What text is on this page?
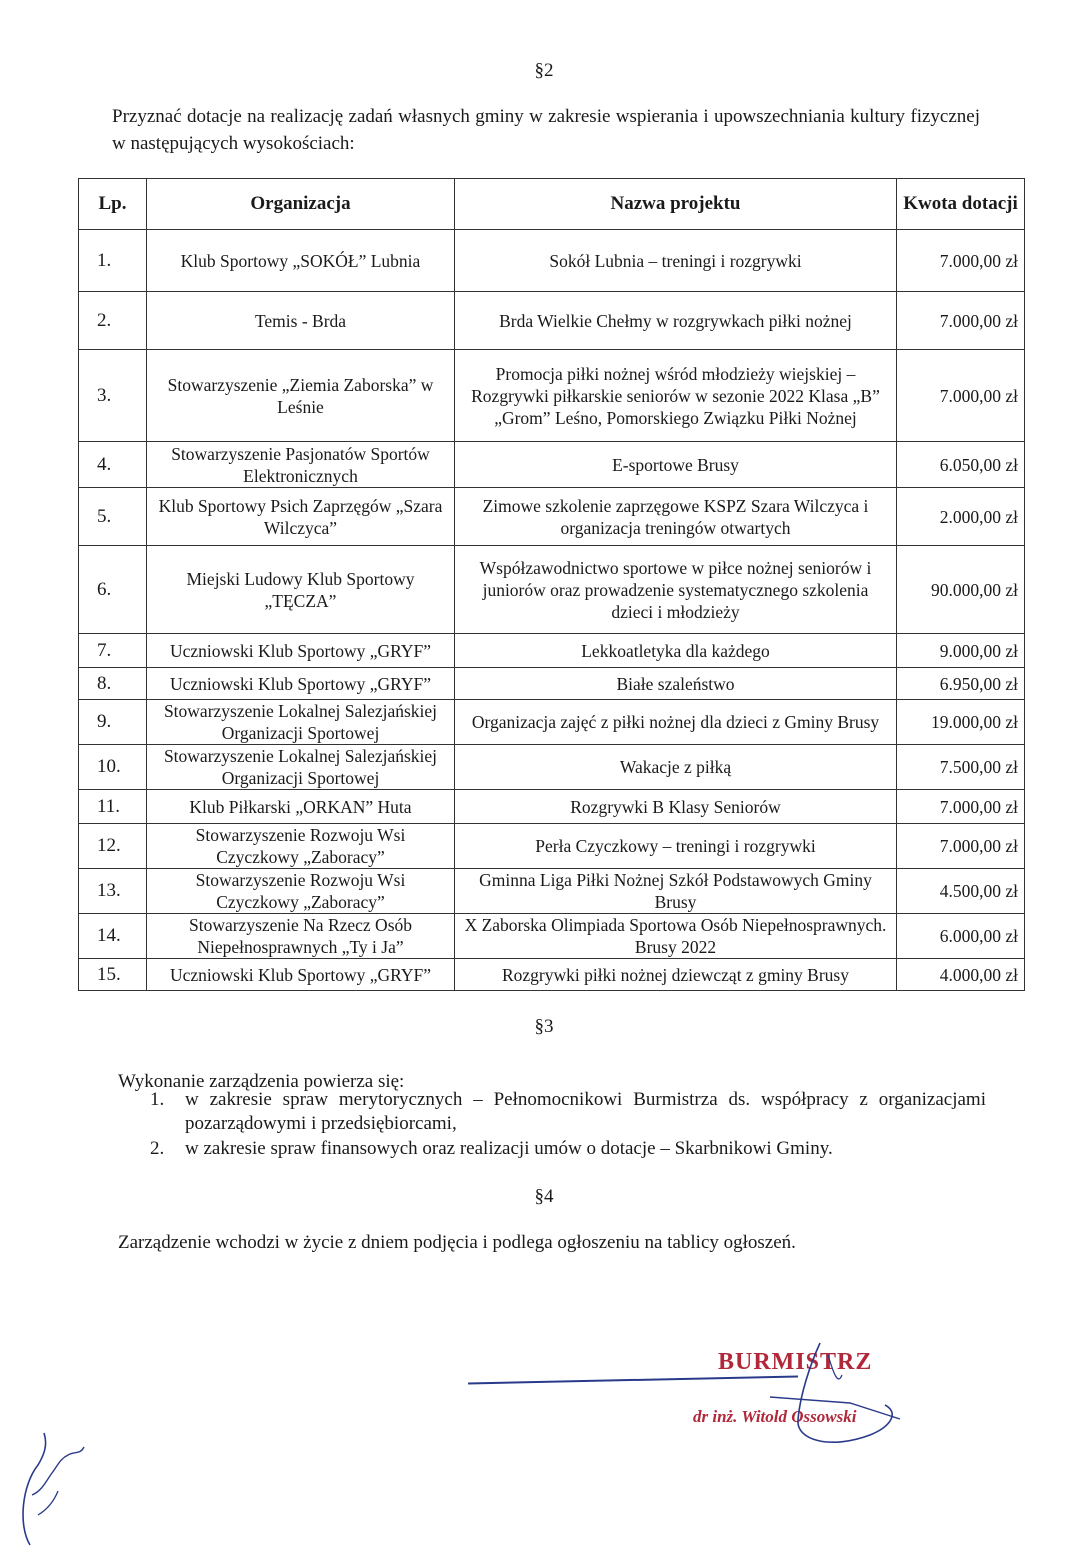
§2

Przyznać dotacje na realizację zadań własnych gminy w zakresie wspierania i upowszechniania kultury fizycznej w następujących wysokościach:

Lp.	Organizacja	Nazwa projektu	Kwota dotacji
1.	Klub Sportowy „SOKÓŁ” Lubnia	Sokół Lubnia – treningi i rozgrywki	7.000,00 zł
2.	Temis - Brda	Brda Wielkie Chełmy w rozgrywkach piłki nożnej	7.000,00 zł
3.	Stowarzyszenie „Ziemia Zaborska” w Leśnie	Promocja piłki nożnej wśród młodzieży wiejskiej – Rozgrywki piłkarskie seniorów w sezonie 2022 Klasa „B” „Grom” Leśno, Pomorskiego Związku Piłki Nożnej	7.000,00 zł
4.	Stowarzyszenie Pasjonatów Sportów Elektronicznych	E-sportowe Brusy	6.050,00 zł
5.	Klub Sportowy Psich Zaprzęgów „Szara Wilczyca”	Zimowe szkolenie zaprzęgowe KSPZ Szara Wilczyca i organizacja treningów otwartych	2.000,00 zł
6.	Miejski Ludowy Klub Sportowy „TĘCZA”	Współzawodnictwo sportowe w piłce nożnej seniorów i juniorów oraz prowadzenie systematycznego szkolenia dzieci i młodzieży	90.000,00 zł
7.	Uczniowski Klub Sportowy „GRYF”	Lekkoatletyka dla każdego	9.000,00 zł
8.	Uczniowski Klub Sportowy „GRYF”	Białe szaleństwo	6.950,00 zł
9.	Stowarzyszenie Lokalnej Salezjańskiej Organizacji Sportowej	Organizacja zajęć z piłki nożnej dla dzieci z Gminy Brusy	19.000,00 zł
10.	Stowarzyszenie Lokalnej Salezjańskiej Organizacji Sportowej	Wakacje z piłką	7.500,00 zł
11.	Klub Piłkarski „ORKAN” Huta	Rozgrywki B Klasy Seniorów	7.000,00 zł
12.	Stowarzyszenie Rozwoju Wsi Czyczkowy „Zaboracy”	Perła Czyczkowy – treningi i rozgrywki	7.000,00 zł
13.	Stowarzyszenie Rozwoju Wsi Czyczkowy „Zaboracy”	Gminna Liga Piłki Nożnej Szkół Podstawowych Gminy Brusy	4.500,00 zł
14.	Stowarzyszenie Na Rzecz Osób Niepełnosprawnych „Ty i Ja”	X Zaborska Olimpiada Sportowa Osób Niepełnosprawnych. Brusy 2022	6.000,00 zł
15.	Uczniowski Klub Sportowy „GRYF”	Rozgrywki piłki nożnej dziewcząt z gminy Brusy	4.000,00 zł
§3

Wykonanie zarządzenia powierza się:

1. w zakresie spraw merytorycznych – Pełnomocnikowi Burmistrza ds. współpracy z organizacjami pozarządowymi i przedsiębiorcami,
2. w zakresie spraw finansowych oraz realizacji umów o dotacje – Skarbnikowi Gminy.
§4

Zarządzenie wchodzi w życie z dniem podjęcia i podlega ogłoszeniu na tablicy ogłoszeń.

BURMISTRZ
dr inż. Witold Ossowski
